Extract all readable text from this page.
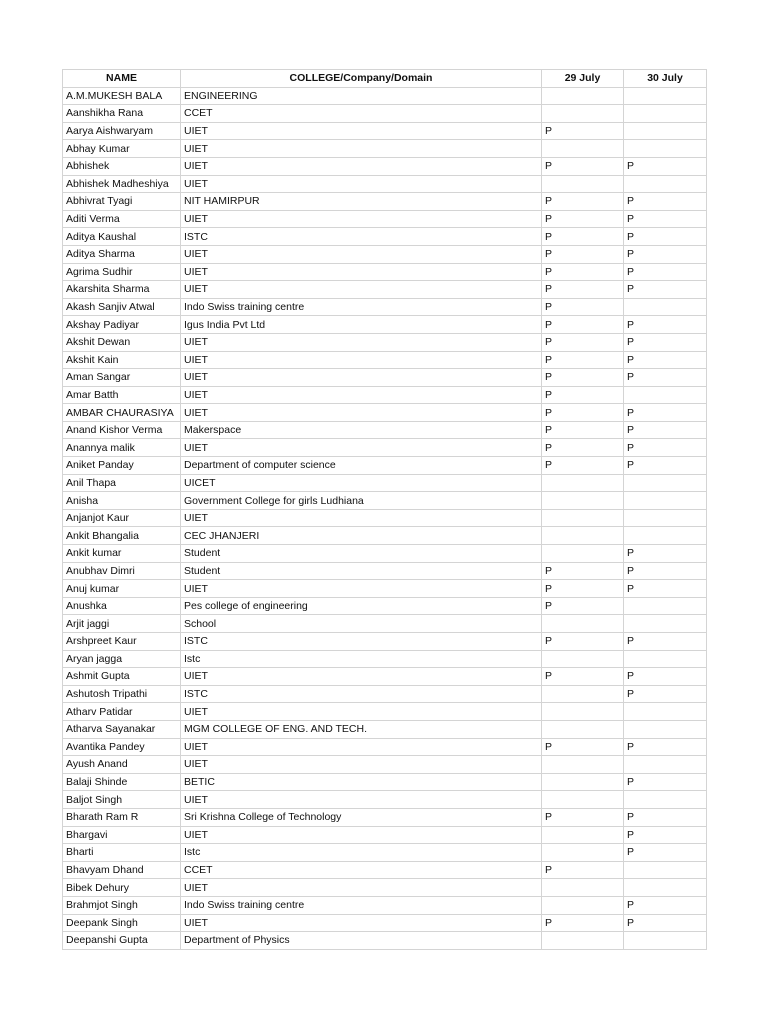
NAME	COLLEGE/Company/Domain	29 July	30 July
A.M.MUKESH BALA	ENGINEERING		
Aanshikha Rana	CCET		
Aarya Aishwaryam	UIET	P	
Abhay Kumar	UIET		
Abhishek	UIET	P	P
Abhishek Madheshiya	UIET		
Abhivrat Tyagi	NIT HAMIRPUR	P	P
Aditi Verma	UIET	P	P
Aditya Kaushal	ISTC	P	P
Aditya Sharma	UIET	P	P
Agrima Sudhir	UIET	P	P
Akarshita Sharma	UIET	P	P
Akash Sanjiv Atwal	Indo Swiss training centre	P	
Akshay Padiyar	Igus India Pvt Ltd	P	P
Akshit Dewan	UIET	P	P
Akshit Kain	UIET	P	P
Aman Sangar	UIET	P	P
Amar Batth	UIET	P	
AMBAR CHAURASIYA	UIET	P	P
Anand Kishor Verma	Makerspace	P	P
Anannya malik	UIET	P	P
Aniket Panday	Department of computer science	P	P
Anil Thapa	UICET		
Anisha	Government College for girls Ludhiana		
Anjanjot Kaur	UIET		
Ankit Bhangalia	CEC JHANJERI		
Ankit kumar	Student		P
Anubhav Dimri	Student	P	P
Anuj kumar	UIET	P	P
Anushka	Pes college of engineering	P	
Arjit jaggi	School		
Arshpreet Kaur	ISTC	P	P
Aryan jagga	Istc		
Ashmit Gupta	UIET	P	P
Ashutosh Tripathi	ISTC		P
Atharv Patidar	UIET		
Atharva Sayanakar	MGM COLLEGE OF ENG. AND TECH.		
Avantika Pandey	UIET	P	P
Ayush Anand	UIET		
Balaji Shinde	BETIC		P
Baljot Singh	UIET		
Bharath Ram R	Sri Krishna College of Technology	P	P
Bhargavi	UIET		P
Bharti	Istc		P
Bhavyam Dhand	CCET	P	
Bibek Dehury	UIET		
Brahmjot Singh	Indo Swiss training centre		P
Deepank Singh	UIET	P	P
Deepanshi Gupta	Department of Physics		
